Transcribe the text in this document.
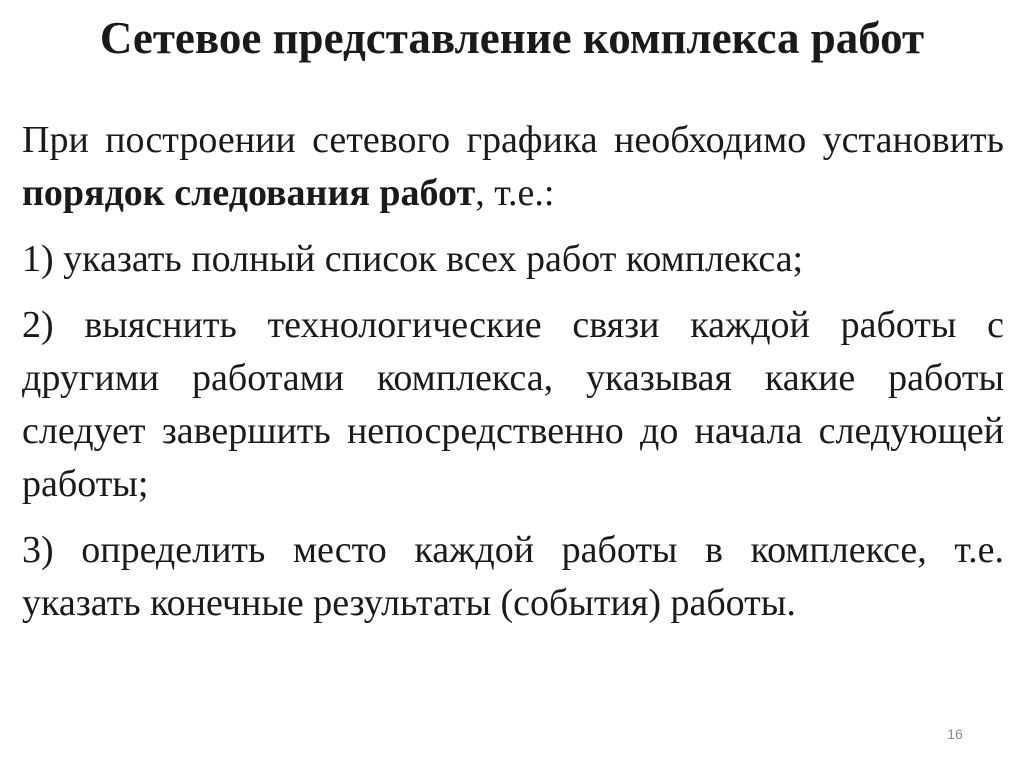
Сетевое представление комплекса работ

При построении сетевого графика необходимо установить порядок следования работ, т.е.:

1) указать полный список всех работ комплекса;

2) выяснить технологические связи каждой работы с другими работами комплекса, указывая какие работы следует завершить непосредственно до начала следующей работы;

3) определить место каждой работы в комплексе, т.е. указать конечные результаты (события) работы.

16
